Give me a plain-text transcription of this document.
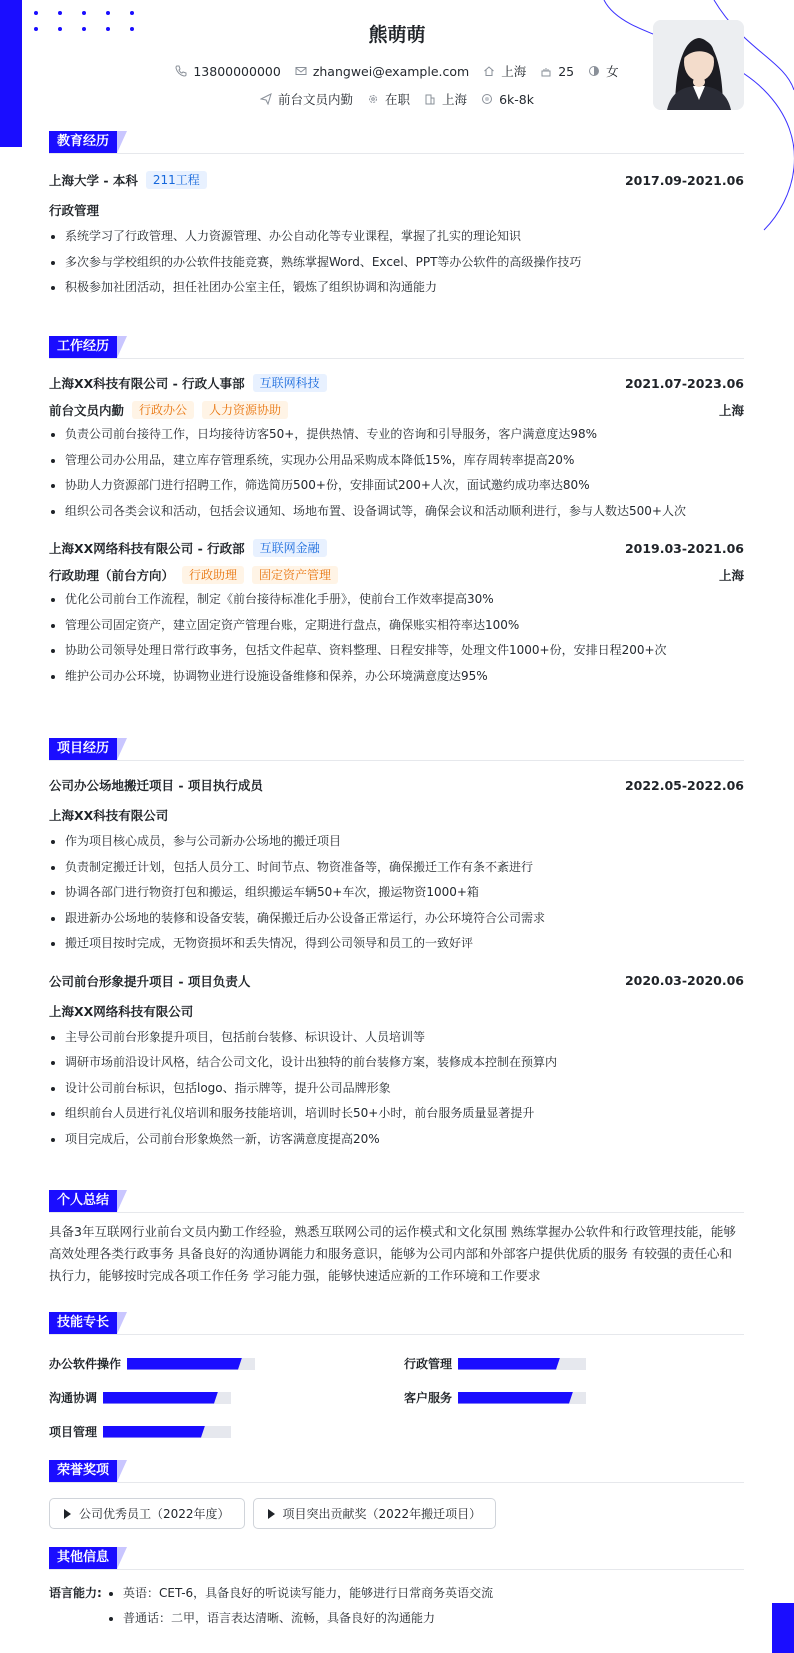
熊萌萌
13800000000	zhangwei@example.com	上海	25	女
前台文员内勤	在职	上海	6k-8k
教育经历
上海大学 - 本科	211工程	2017.09-2021.06
行政管理
系统学习了行政管理、人力资源管理、办公自动化等专业课程，掌握了扎实的理论知识
多次参与学校组织的办公软件技能竞赛，熟练掌握Word、Excel、PPT等办公软件的高级操作技巧
积极参加社团活动，担任社团办公室主任，锻炼了组织协调和沟通能力
工作经历
上海XX科技有限公司 - 行政人事部	互联网科技	2021.07-2023.06
前台文员内勤	行政办公	人力资源协助	上海
负责公司前台接待工作，日均接待访客50+，提供热情、专业的咨询和引导服务，客户满意度达98%
管理公司办公用品，建立库存管理系统，实现办公用品采购成本降低15%，库存周转率提高20%
协助人力资源部门进行招聘工作，筛选简历500+份，安排面试200+人次，面试邀约成功率达80%
组织公司各类会议和活动，包括会议通知、场地布置、设备调试等，确保会议和活动顺利进行，参与人数达500+人次
上海XX网络科技有限公司 - 行政部	互联网金融	2019.03-2021.06
行政助理（前台方向）	行政助理	固定资产管理	上海
优化公司前台工作流程，制定《前台接待标准化手册》，使前台工作效率提高30%
管理公司固定资产，建立固定资产管理台账，定期进行盘点，确保账实相符率达100%
协助公司领导处理日常行政事务，包括文件起草、资料整理、日程安排等，处理文件1000+份，安排日程200+次
维护公司办公环境，协调物业进行设施设备维修和保养，办公环境满意度达95%
项目经历
公司办公场地搬迁项目 - 项目执行成员	2022.05-2022.06
上海XX科技有限公司
作为项目核心成员，参与公司新办公场地的搬迁项目
负责制定搬迁计划，包括人员分工、时间节点、物资准备等，确保搬迁工作有条不紊进行
协调各部门进行物资打包和搬运，组织搬运车辆50+车次，搬运物资1000+箱
跟进新办公场地的装修和设备安装，确保搬迁后办公设备正常运行，办公环境符合公司需求
搬迁项目按时完成，无物资损坏和丢失情况，得到公司领导和员工的一致好评
公司前台形象提升项目 - 项目负责人	2020.03-2020.06
上海XX网络科技有限公司
主导公司前台形象提升项目，包括前台装修、标识设计、人员培训等
调研市场前沿设计风格，结合公司文化，设计出独特的前台装修方案，装修成本控制在预算内
设计公司前台标识，包括logo、指示牌等，提升公司品牌形象
组织前台人员进行礼仪培训和服务技能培训，培训时长50+小时，前台服务质量显著提升
项目完成后，公司前台形象焕然一新，访客满意度提高20%
个人总结
具备3年互联网行业前台文员内勤工作经验，熟悉互联网公司的运作模式和文化氛围 熟练掌握办公软件和行政管理技能，能够高效处理各类行政事务 具备良好的沟通协调能力和服务意识，能够为公司内部和外部客户提供优质的服务 有较强的责任心和执行力，能够按时完成各项工作任务 学习能力强，能够快速适应新的工作环境和工作要求
技能专长
办公软件操作	行政管理
沟通协调	客户服务
项目管理
荣誉奖项
公司优秀员工（2022年度）	项目突出贡献奖（2022年搬迁项目）
其他信息
语言能力:	英语：CET-6，具备良好的听说读写能力，能够进行日常商务英语交流
普通话：二甲，语言表达清晰、流畅，具备良好的沟通能力
